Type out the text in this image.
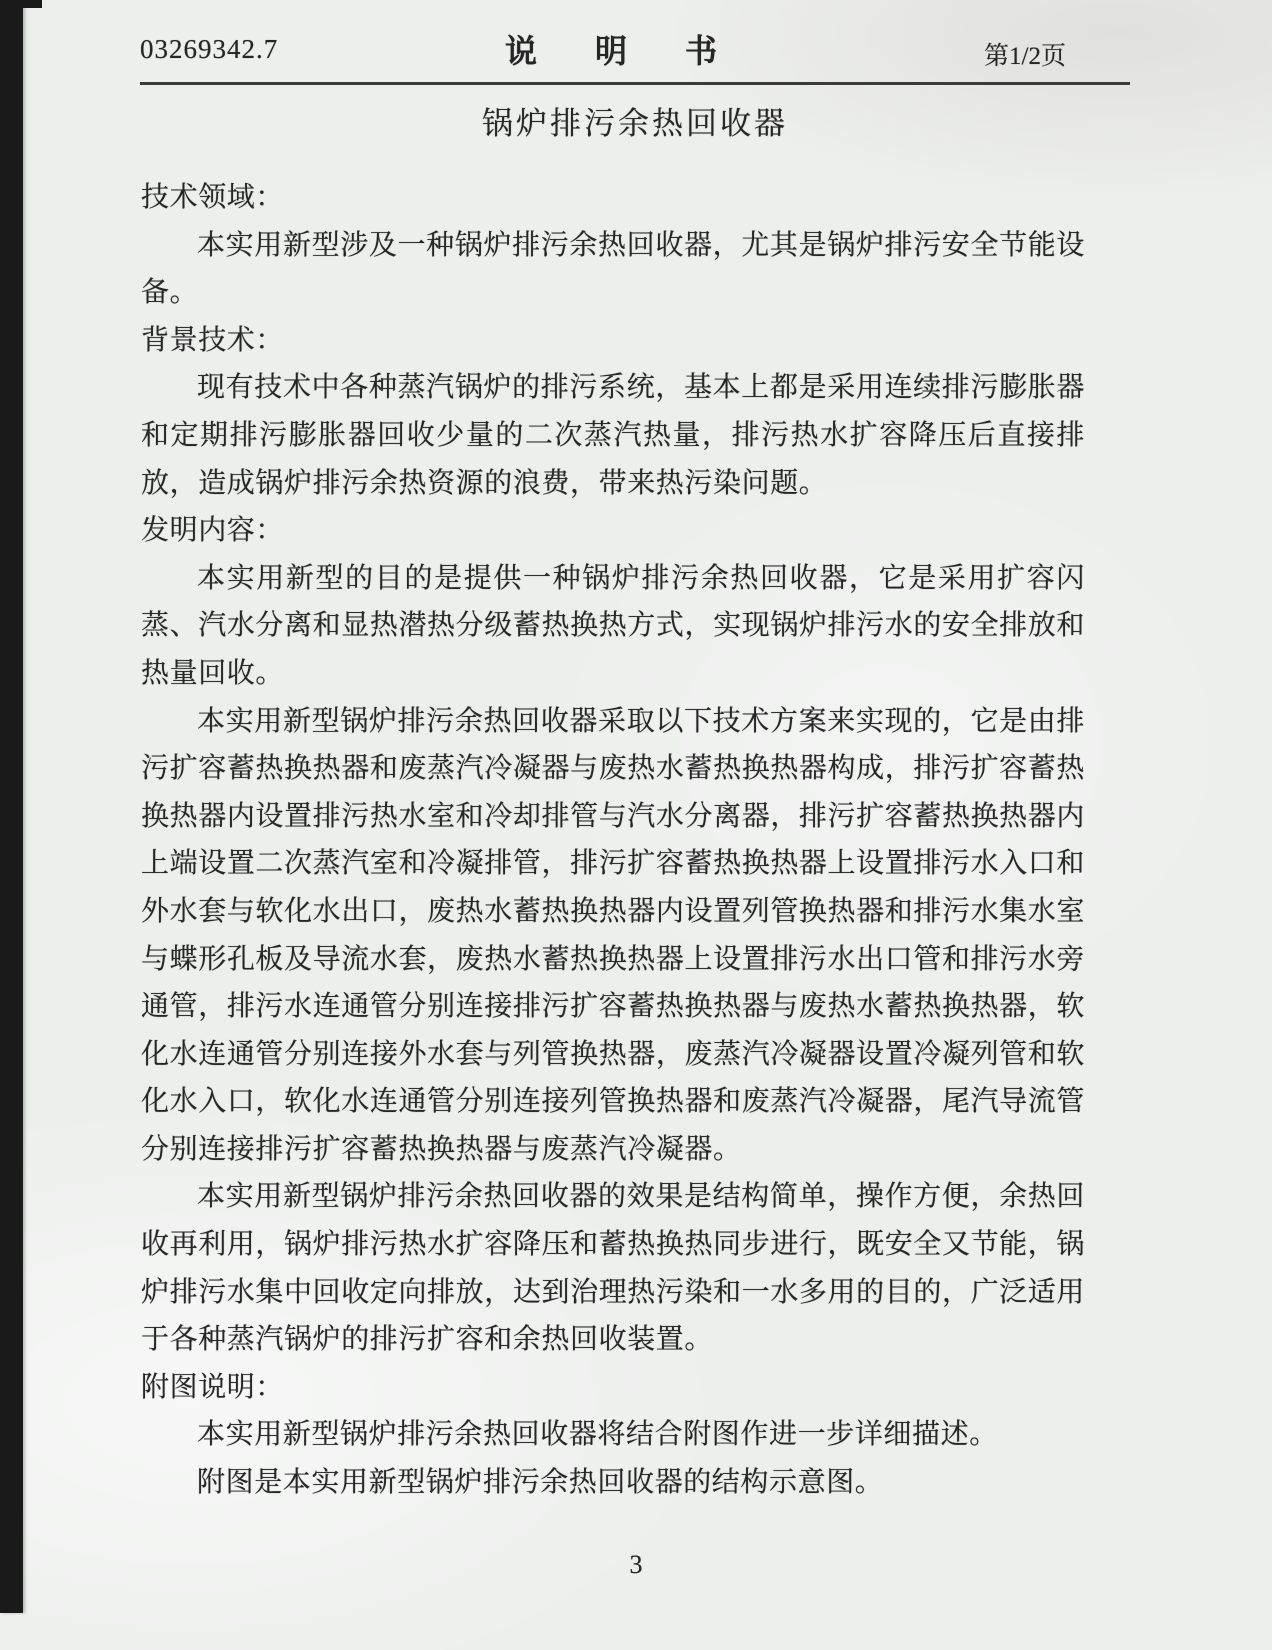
03269342.7	说  明  书	第1/2页
锅炉排污余热回收器
技术领域：

本实用新型涉及一种锅炉排污余热回收器，尤其是锅炉排污安全节能设备。

背景技术：

现有技术中各种蒸汽锅炉的排污系统，基本上都是采用连续排污膨胀器和定期排污膨胀器回收少量的二次蒸汽热量，排污热水扩容降压后直接排放，造成锅炉排污余热资源的浪费，带来热污染问题。

发明内容：

本实用新型的目的是提供一种锅炉排污余热回收器，它是采用扩容闪蒸、汽水分离和显热潜热分级蓄热换热方式，实现锅炉排污水的安全排放和热量回收。

本实用新型锅炉排污余热回收器采取以下技术方案来实现的，它是由排污扩容蓄热换热器和废蒸汽冷凝器与废热水蓄热换热器构成，排污扩容蓄热换热器内设置排污热水室和冷却排管与汽水分离器，排污扩容蓄热换热器内上端设置二次蒸汽室和冷凝排管，排污扩容蓄热换热器上设置排污水入口和外水套与软化水出口，废热水蓄热换热器内设置列管换热器和排污水集水室与蝶形孔板及导流水套，废热水蓄热换热器上设置排污水出口管和排污水旁通管，排污水连通管分别连接排污扩容蓄热换热器与废热水蓄热换热器，软化水连通管分别连接外水套与列管换热器，废蒸汽冷凝器设置冷凝列管和软化水入口，软化水连通管分别连接列管换热器和废蒸汽冷凝器，尾汽导流管分别连接排污扩容蓄热换热器与废蒸汽冷凝器。

本实用新型锅炉排污余热回收器的效果是结构简单，操作方便，余热回收再利用，锅炉排污热水扩容降压和蓄热换热同步进行，既安全又节能，锅炉排污水集中回收定向排放，达到治理热污染和一水多用的目的，广泛适用于各种蒸汽锅炉的排污扩容和余热回收装置。

附图说明：

本实用新型锅炉排污余热回收器将结合附图作进一步详细描述。

附图是本实用新型锅炉排污余热回收器的结构示意图。

3
